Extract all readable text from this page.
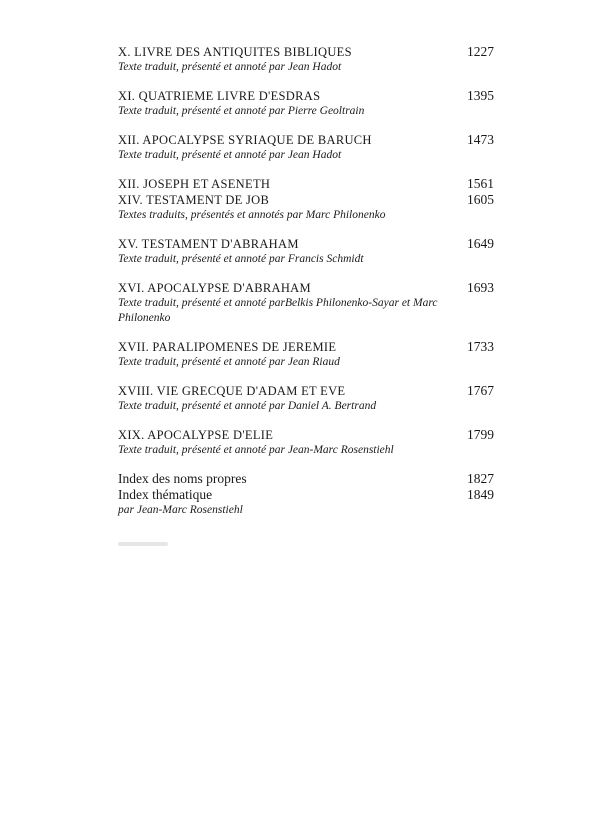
X. LIVRE DES ANTIQUITES BIBLIQUES	1227
Texte traduit, présenté et annoté par Jean Hadot
XI. QUATRIEME LIVRE D'ESDRAS	1395
Texte traduit, présenté et annoté par Pierre Geoltrain
XII. APOCALYPSE SYRIAQUE DE BARUCH	1473
Texte traduit, présenté et annoté par Jean Hadot
XII. JOSEPH ET ASENETH	1561
XIV. TESTAMENT DE JOB	1605
Textes traduits, présentés et annotés par Marc Philonenko
XV. TESTAMENT D'ABRAHAM	1649
Texte traduit, présenté et annoté par Francis Schmidt
XVI. APOCALYPSE D'ABRAHAM	1693
Texte traduit, présenté et annoté parBelkis Philonenko-Sayar et Marc Philonenko
XVII. PARALIPOMENES DE JEREMIE	1733
Texte traduit, présenté et annoté par Jean Riaud
XVIII. VIE GRECQUE D'ADAM ET EVE	1767
Texte traduit, présenté et annoté par Daniel A. Bertrand
XIX. APOCALYPSE D'ELIE	1799
Texte traduit, présenté et annoté par Jean-Marc Rosenstiehl
Index des noms propres	1827
Index thématique	1849
par Jean-Marc Rosenstiehl
